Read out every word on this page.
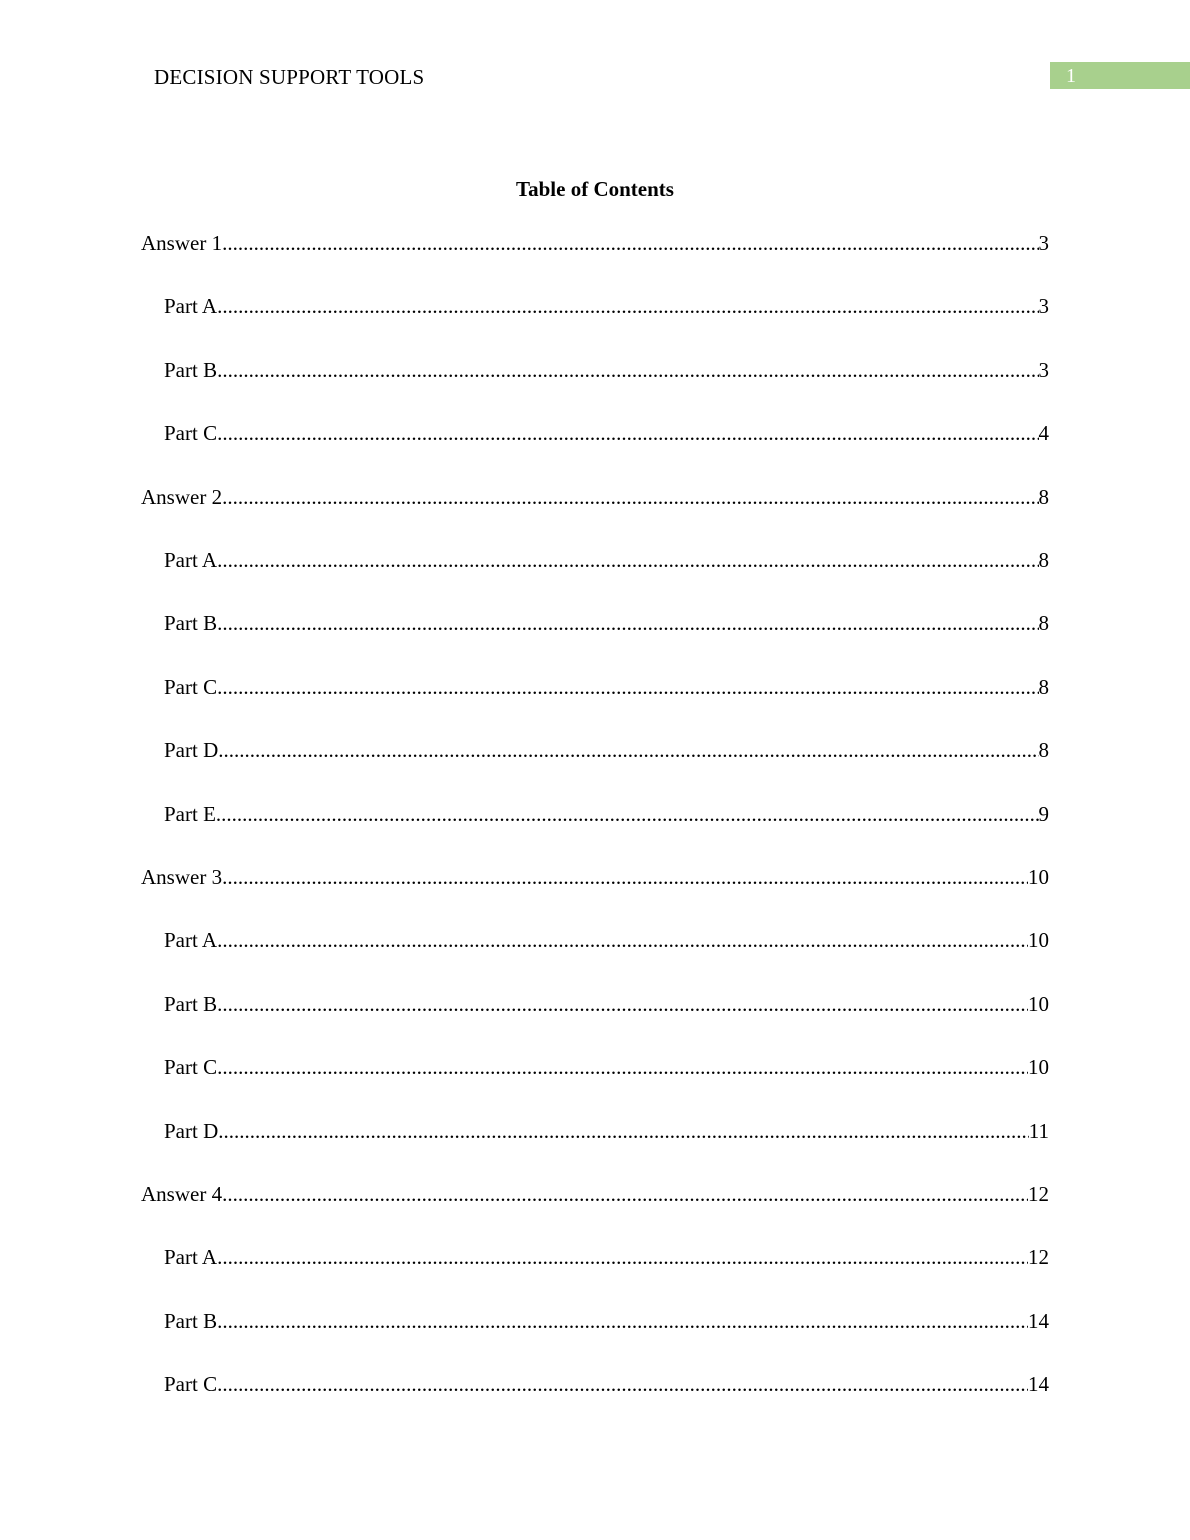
DECISION SUPPORT TOOLS	1
Table of Contents
Answer 1 .....	3
Part A .....	3
Part B .....	3
Part C .....	4
Answer 2 .....	8
Part A .....	8
Part B .....	8
Part C .....	8
Part D .....	8
Part E .....	9
Answer 3 .....	10
Part A .....	10
Part B .....	10
Part C .....	10
Part D .....	11
Answer 4 .....	12
Part A .....	12
Part B .....	14
Part C .....	14
